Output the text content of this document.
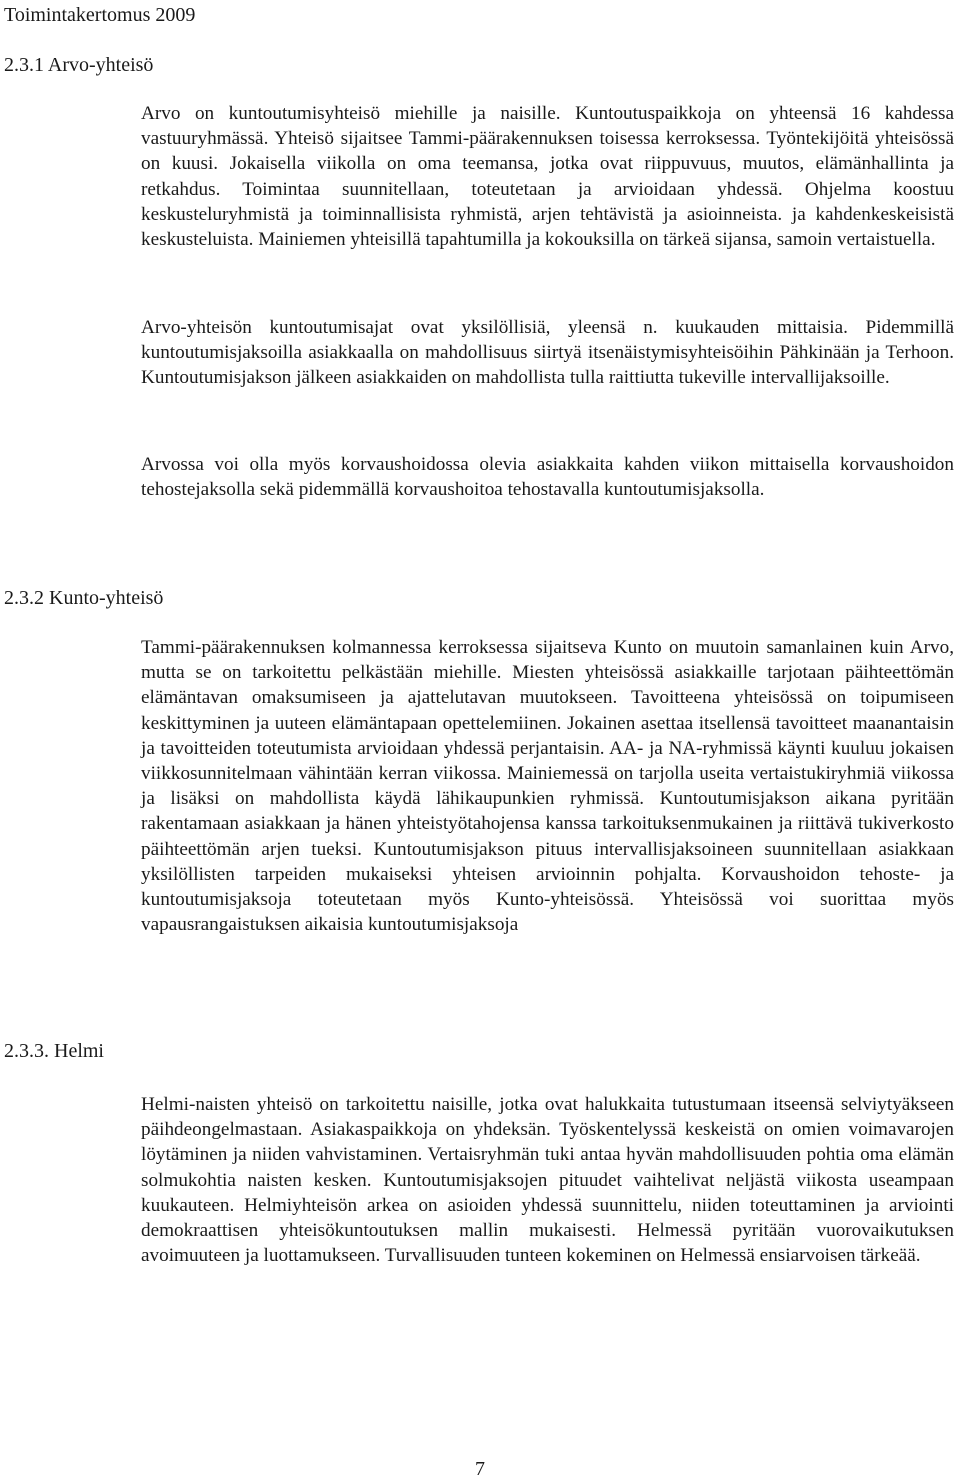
Toimintakertomus 2009
2.3.1 Arvo-yhteisö

Arvo on kuntoutumisyhteisö miehille ja naisille. Kuntoutuspaikkoja on yhteensä 16 kahdessa vastuuryhmässä. Yhteisö sijaitsee Tammi-päärakennuksen toisessa kerroksessa. Työntekijöitä yhteisössä on kuusi. Jokaisella viikolla on oma teemansa, jotka ovat riippuvuus, muutos, elämänhallinta ja retkahdus. Toimintaa suunnitellaan, toteutetaan ja arvioidaan yhdessä. Ohjelma koostuu keskusteluryhmistä ja toiminnallisista ryhmistä, arjen tehtävistä ja asioinneista. ja kahdenkeskeisistä keskusteluista. Mainiemen yhteisillä tapahtumilla ja kokouksilla on tärkeä sijansa, samoin vertaistuella.

Arvo-yhteisön kuntoutumisajat ovat yksilöllisiä, yleensä n. kuukauden mittaisia. Pidemmillä kuntoutumisjaksoilla asiakkaalla on mahdollisuus siirtyä itsenäistymisyhteisöihin Pähkinään ja Terhoon. Kuntoutumisjakson jälkeen asiakkaiden on mahdollista tulla raittiutta tukeville intervallijaksoille.

Arvossa voi olla myös korvaushoidossa olevia asiakkaita kahden viikon mittaisella korvaushoidon tehostejaksolla sekä pidemmällä korvaushoitoa tehostavalla kuntoutumisjaksolla.

2.3.2 Kunto-yhteisö

Tammi-päärakennuksen kolmannessa kerroksessa sijaitseva Kunto on muutoin samanlainen kuin Arvo, mutta se on tarkoitettu pelkästään miehille. Miesten yhteisössä asiakkaille tarjotaan päihteettömän elämäntavan omaksumiseen ja ajattelutavan muutokseen. Tavoitteena yhteisössä on toipumiseen keskittyminen ja uuteen elämäntapaan opettelemiinen. Jokainen asettaa itsellensä tavoitteet maanantaisin ja tavoitteiden toteutumista arvioidaan yhdessä perjantaisin. AA- ja NA-ryhmissä käynti kuuluu jokaisen viikkosunnitelmaan vähintään kerran viikossa. Mainiemessä on tarjolla useita vertaistukiryhmiä viikossa ja lisäksi on mahdollista käydä lähikaupunkien ryhmissä. Kuntoutumisjakson aikana pyritään rakentamaan asiakkaan ja hänen yhteistyötahojensa kanssa tarkoituksenmukainen ja riittävä tukiverkosto päihteettömän arjen tueksi. Kuntoutumisjakson pituus intervallisjaksoineen suunnitellaan asiakkaan yksilöllisten tarpeiden mukaiseksi yhteisen arvioinnin pohjalta. Korvaushoidon tehoste- ja kuntoutumisjaksoja toteutetaan myös Kunto-yhteisössä. Yhteisössä voi suorittaa myös vapausrangaistuksen aikaisia kuntoutumisjaksoja

2.3.3. Helmi

Helmi-naisten yhteisö on tarkoitettu naisille, jotka ovat halukkaita tutustumaan itseensä selviytyäkseen päihdeongelmastaan. Asiakaspaikkoja on yhdeksän. Työskentelyssä keskeistä on omien voimavarojen löytäminen ja niiden vahvistaminen. Vertaisryhmän tuki antaa hyvän mahdollisuuden pohtia oma elämän solmukohtia naisten kesken. Kuntoutumisjaksojen pituudet vaihtelivat neljästä viikosta useampaan kuukauteen. Helmiyhteisön arkea on asioiden yhdessä suunnittelu, niiden toteuttaminen ja arviointi demokraattisen yhteisökuntoutuksen mallin mukaisesti. Helmessä pyritään vuorovaikutuksen avoimuuteen ja luottamukseen. Turvallisuuden tunteen kokeminen on Helmessä ensiarvoisen tärkeää.

7
